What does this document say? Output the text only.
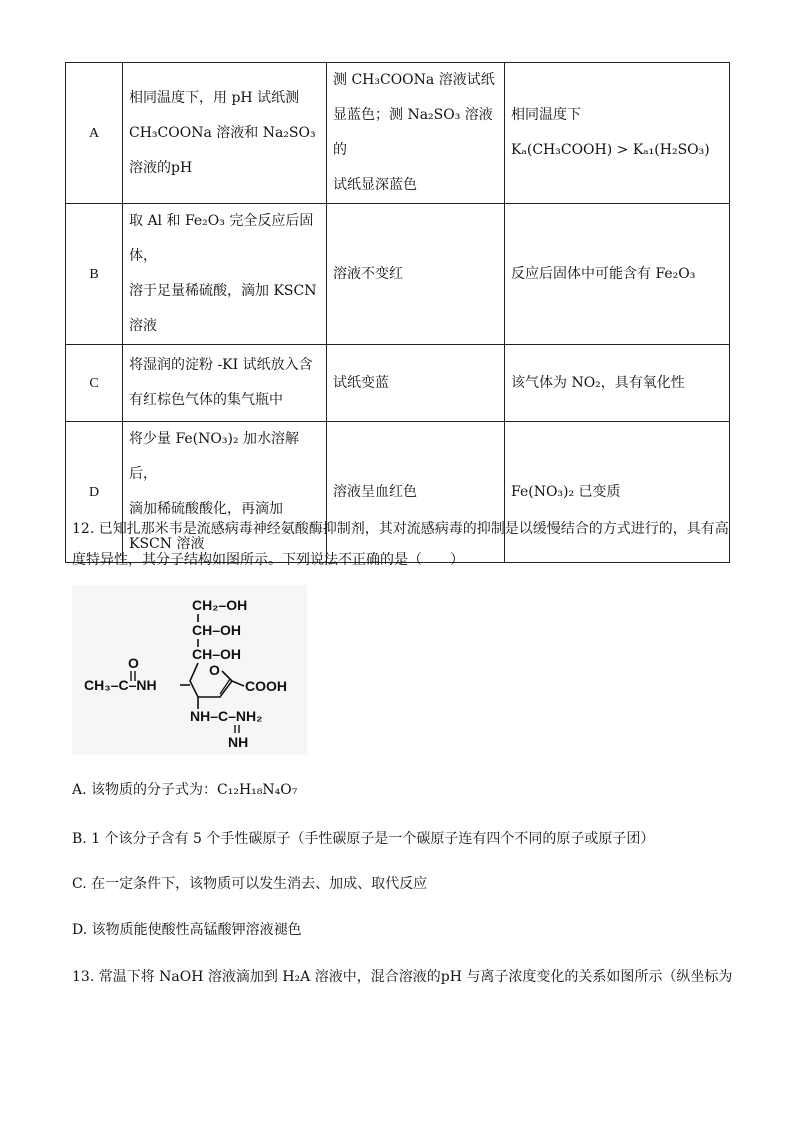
A	相同温度下，用 pH 试纸测
CH₃COONa 溶液和 Na₂SO₃
溶液的pH	测 CH₃COONa 溶液试纸
显蓝色；测 Na₂SO₃ 溶液的
试纸显深蓝色	相同温度下
Kₐ(CH₃COOH) > Kₐ₁(H₂SO₃)

B	取 Al 和 Fe₂O₃ 完全反应后固体，
溶于足量稀硫酸，滴加 KSCN
溶液	溶液不变红	反应后固体中可能含有 Fe₂O₃

C	将湿润的淀粉 -KI 试纸放入含
有红棕色气体的集气瓶中	试纸变蓝	该气体为 NO₂，具有氧化性

D	将少量 Fe(NO₃)₂ 加水溶解后，
滴加稀硫酸酸化，再滴加
KSCN 溶液	溶液呈血红色	Fe(NO₃)₂ 已变质
12. 已知扎那米韦是流感病毒神经氨酸酶抑制剂，其对流感病毒的抑制是以缓慢结合的方式进行的，具有高
度特异性，其分子结构如图所示。下列说法不正确的是（　　）
CH₂–OH
CH–OH
CH–OH
O
CH₃–C–NH
O
COOH
NH–C–NH₂
NH
A. 该物质的分子式为：C₁₂H₁₈N₄O₇
B. 1 个该分子含有 5 个手性碳原子（手性碳原子是一个碳原子连有四个不同的原子或原子团）
C. 在一定条件下，该物质可以发生消去、加成、取代反应
D. 该物质能使酸性高锰酸钾溶液褪色
13. 常温下将 NaOH 溶液滴加到 H₂A 溶液中，混合溶液的pH 与离子浓度变化的关系如图所示（纵坐标为
